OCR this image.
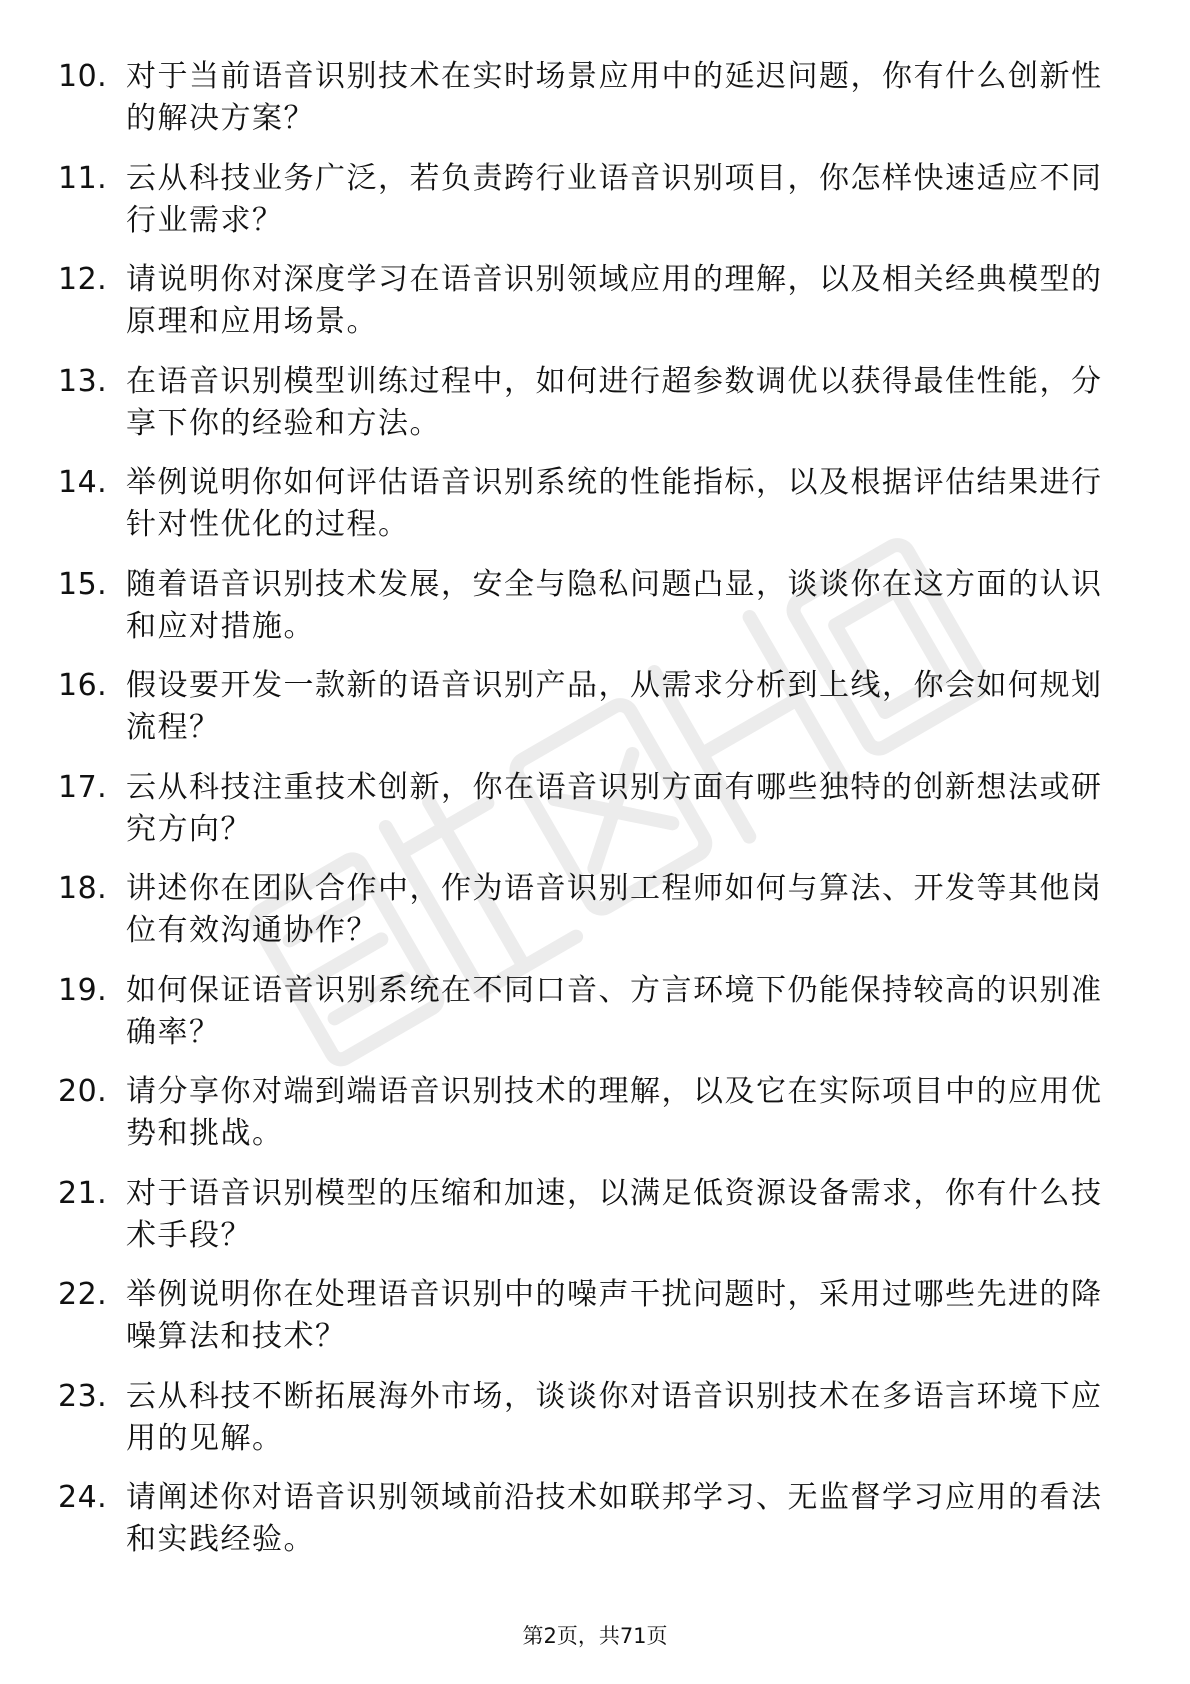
10. 对于当前语音识别技术在实时场景应用中的延迟问题，你有什么创新性的解决方案？
11. 云从科技业务广泛，若负责跨行业语音识别项目，你怎样快速适应不同行业需求？
12. 请说明你对深度学习在语音识别领域应用的理解，以及相关经典模型的原理和应用场景。
13. 在语音识别模型训练过程中，如何进行超参数调优以获得最佳性能，分享下你的经验和方法。
14. 举例说明你如何评估语音识别系统的性能指标，以及根据评估结果进行针对性优化的过程。
15. 随着语音识别技术发展，安全与隐私问题凸显，谈谈你在这方面的认识和应对措施。
16. 假设要开发一款新的语音识别产品，从需求分析到上线，你会如何规划流程？
17. 云从科技注重技术创新，你在语音识别方面有哪些独特的创新想法或研究方向？
18. 讲述你在团队合作中，作为语音识别工程师如何与算法、开发等其他岗位有效沟通协作？
19. 如何保证语音识别系统在不同口音、方言环境下仍能保持较高的识别准确率？
20. 请分享你对端到端语音识别技术的理解，以及它在实际项目中的应用优势和挑战。
21. 对于语音识别模型的压缩和加速，以满足低资源设备需求，你有什么技术手段？
22. 举例说明你在处理语音识别中的噪声干扰问题时，采用过哪些先进的降噪算法和技术？
23. 云从科技不断拓展海外市场，谈谈你对语音识别技术在多语言环境下应用的见解。
24. 请阐述你对语音识别领域前沿技术如联邦学习、无监督学习应用的看法和实践经验。
第2页，共71页
